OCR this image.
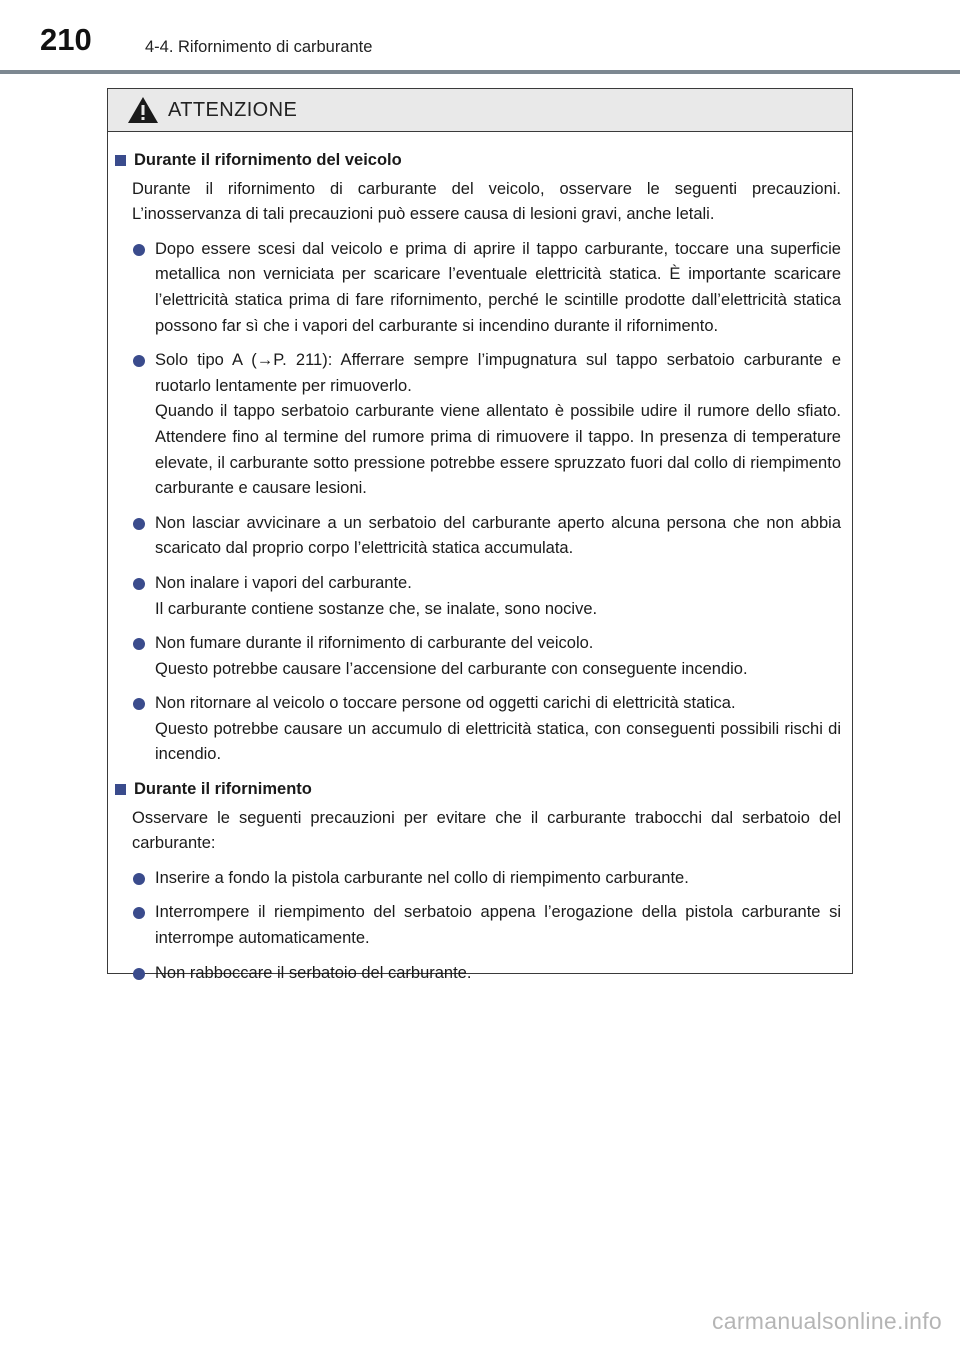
210	4-4. Rifornimento di carburante
ATTENZIONE
Durante il rifornimento del veicolo

Durante il rifornimento di carburante del veicolo, osservare le seguenti precauzioni. L’inosservanza di tali precauzioni può essere causa di lesioni gravi, anche letali.

Dopo essere scesi dal veicolo e prima di aprire il tappo carburante, toccare una superficie metallica non verniciata per scaricare l’eventuale elettricità statica. È importante scaricare l’elettricità statica prima di fare rifornimento, perché le scintille prodotte dall’elettricità statica possono far sì che i vapori del carburante si incendino durante il rifornimento.

Solo tipo A (→P. 211): Afferrare sempre l’impugnatura sul tappo serbatoio carburante e ruotarlo lentamente per rimuoverlo.

Quando il tappo serbatoio carburante viene allentato è possibile udire il rumore dello sfiato. Attendere fino al termine del rumore prima di rimuovere il tappo. In presenza di temperature elevate, il carburante sotto pressione potrebbe essere spruzzato fuori dal collo di riempimento carburante e causare lesioni.

Non lasciar avvicinare a un serbatoio del carburante aperto alcuna persona che non abbia scaricato dal proprio corpo l’elettricità statica accumulata.

Non inalare i vapori del carburante.

Il carburante contiene sostanze che, se inalate, sono nocive.

Non fumare durante il rifornimento di carburante del veicolo.

Questo potrebbe causare l’accensione del carburante con conseguente incendio.

Non ritornare al veicolo o toccare persone od oggetti carichi di elettricità statica.

Questo potrebbe causare un accumulo di elettricità statica, con conseguenti possibili rischi di incendio.

Durante il rifornimento

Osservare le seguenti precauzioni per evitare che il carburante trabocchi dal serbatoio del carburante:

Inserire a fondo la pistola carburante nel collo di riempimento carburante.

Interrompere il riempimento del serbatoio appena l’erogazione della pistola carburante si interrompe automaticamente.

Non rabboccare il serbatoio del carburante.

carmanualsonline.info
